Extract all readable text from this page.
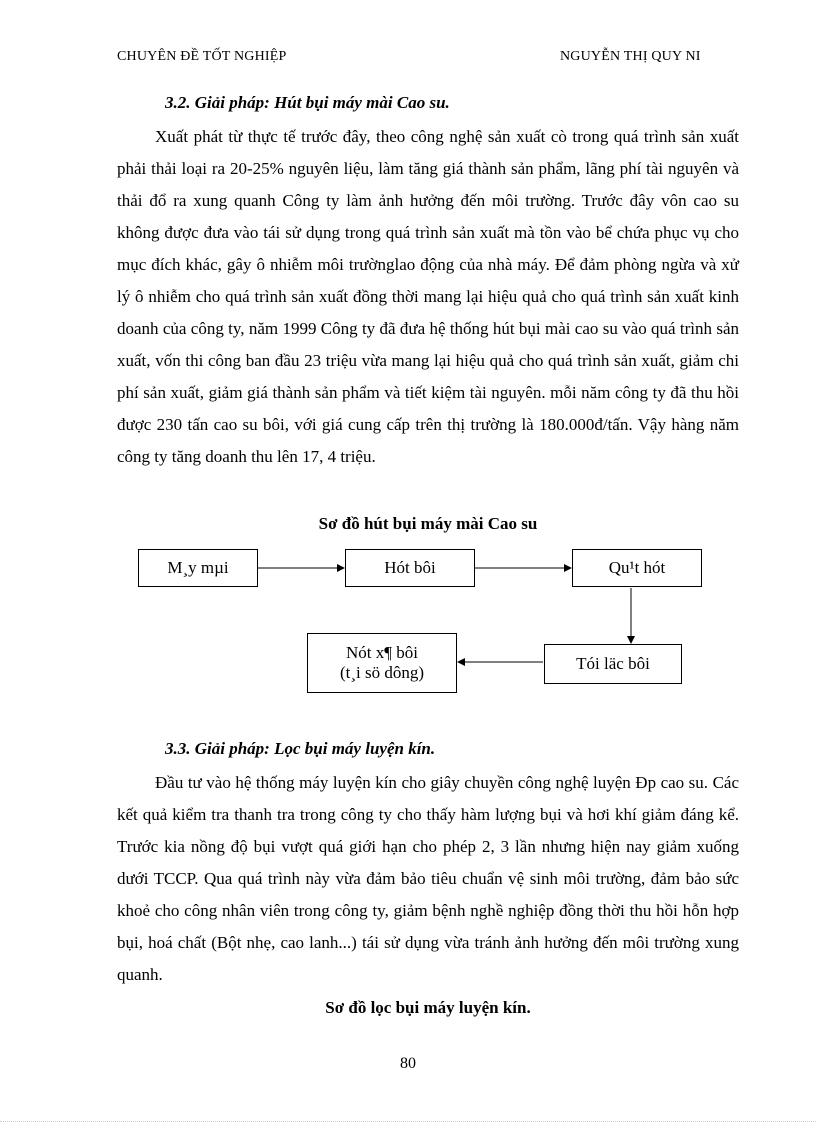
CHUYÊN ĐỀ TỐT NGHIỆP	NGUYỄN THỊ QUY NI
3.2. Giải pháp: Hút bụi máy mài Cao su.

Xuất phát từ thực tế trước đây, theo công nghệ sản xuất cò trong quá trình sản xuất phải thải loại ra 20-25% nguyên liệu, làm tăng giá thành sản phẩm, lãng phí tài nguyên và thải đổ ra xung quanh Công ty làm ảnh hưởng đến môi trường. Trước đây vôn cao su không được đưa vào tái sử dụng trong quá trình sản xuất mà tồn vào bể chứa phục vụ cho mục đích khác, gây ô nhiễm môi trườnglao động của nhà máy. Để đảm phòng ngừa và xử lý ô nhiễm cho quá trình sản xuất đồng thời mang lại hiệu quả cho quá trình sản xuất kinh doanh của công ty, năm 1999 Công ty đã đưa hệ thống hút bụi mài cao su vào quá trình sản xuất, vốn thi công ban đầu 23 triệu vừa mang lại hiệu quả cho quá trình sản xuất, giảm chi phí sản xuất, giảm giá thành sản phẩm và tiết kiệm tài nguyên. mỗi năm công ty đã thu hồi được 230 tấn cao su bôi, với giá cung cấp trên thị trường là 180.000đ/tấn. Vậy hàng năm công ty tăng doanh thu lên 17, 4 triệu.

Sơ đồ hút bụi máy mài Cao su
M¸y mµi	Hót bôi	Qu¹t hót
Tói läc bôi
Nót x¶ bôi
(t¸i sö dông)
3.3. Giải pháp: Lọc bụi máy luyện kín.

Đầu tư vào hệ thống máy luyện kín cho giây chuyền công nghệ luyện Đp cao su. Các kết quả kiểm tra thanh tra trong công ty cho thấy hàm lượng bụi và hơi khí giảm đáng kể. Trước kia nồng độ bụi vượt quá giới hạn cho phép 2, 3 lần nhưng hiện nay giảm xuống dưới TCCP. Qua quá trình này vừa đảm bảo tiêu chuẩn vệ sinh môi trường, đảm bảo sức khoẻ cho công nhân viên trong công ty, giảm bệnh nghề nghiệp đồng thời thu hồi hỗn hợp bụi, hoá chất (Bột nhẹ, cao lanh...) tái sử dụng vừa tránh ảnh hưởng đến môi trường xung quanh.

Sơ đồ lọc bụi máy luyện kín.
80
